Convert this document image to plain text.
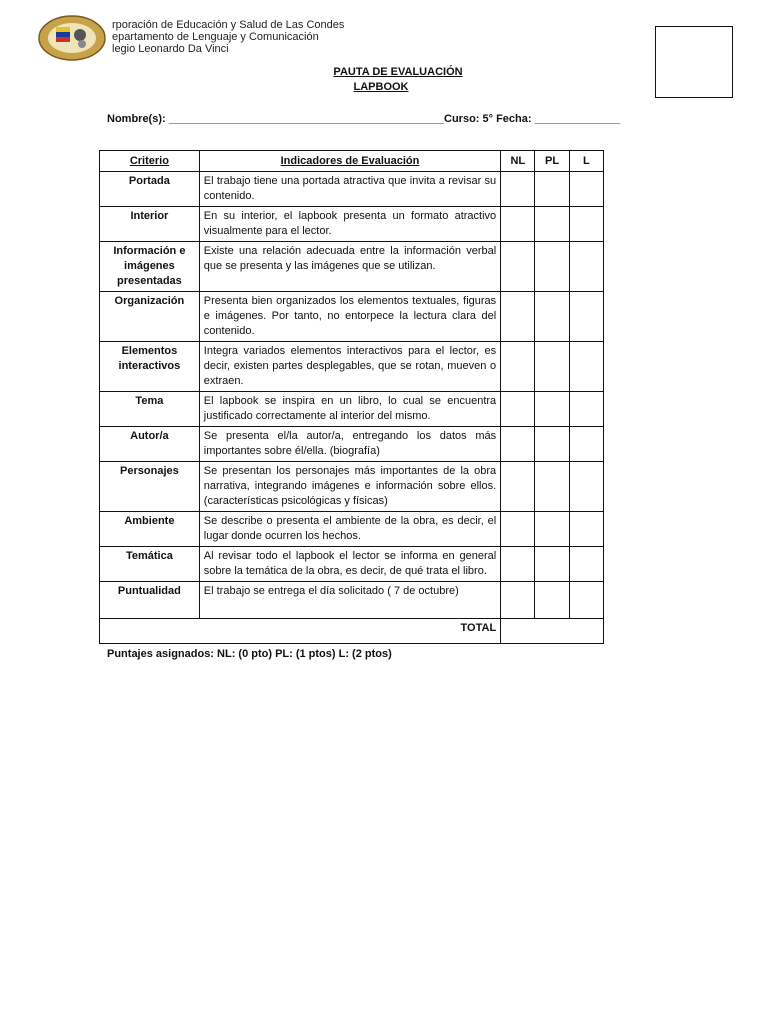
rporación de Educación y Salud de Las Condes
epartamento de Lenguaje y Comunicación
legio Leonardo Da Vinci
PAUTA DE EVALUACIÓN
LAPBOOK
Nombre(s): _____________________________________________Curso: 5° Fecha: ______________
Criterio	Indicadores de Evaluación	NL	PL	L
Portada	El trabajo tiene una portada atractiva que invita a revisar su contenido.			
Interior	En su interior, el lapbook presenta un formato atractivo visualmente para el lector.			
Información e imágenes presentadas	Existe una relación adecuada entre la información verbal que se presenta y las imágenes que se utilizan.			
Organización	Presenta bien organizados los elementos textuales, figuras e imágenes. Por tanto, no entorpece la lectura clara del contenido.			
Elementos interactivos	Integra variados elementos interactivos para el lector, es decir, existen partes desplegables, que se rotan, mueven o extraen.			
Tema	El lapbook se inspira en un libro, lo cual se encuentra justificado correctamente al interior del mismo.			
Autor/a	Se presenta el/la autor/a, entregando los datos más importantes sobre él/ella. (biografía)			
Personajes	Se presentan los personajes más importantes de la obra narrativa, integrando imágenes e información sobre ellos. (características psicológicas y físicas)			
Ambiente	Se describe o presenta el ambiente de la obra, es decir, el lugar donde ocurren los hechos.			
Temática	Al revisar todo el lapbook el lector se informa en general sobre la temática de la obra, es decir, de qué trata el libro.			
Puntualidad	El trabajo se entrega el día solicitado ( 7 de octubre)			
TOTAL				
Puntajes asignados: NL: (0 pto) PL: (1 ptos) L: (2 ptos)
